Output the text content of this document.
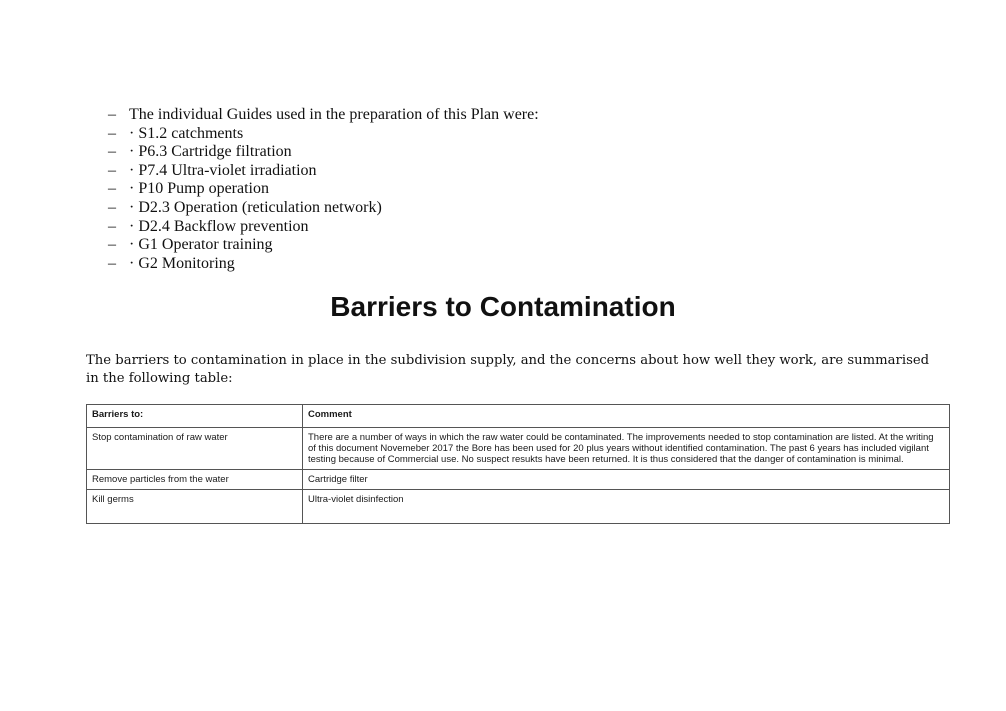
– The individual Guides used in the preparation of this Plan were:
– · S1.2 catchments
– · P6.3 Cartridge filtration
– · P7.4 Ultra-violet irradiation
– · P10 Pump operation
– · D2.3 Operation (reticulation network)
– · D2.4 Backflow prevention
– · G1 Operator training
– · G2 Monitoring
Barriers to Contamination

The barriers to contamination in place in the subdivision supply, and the concerns about how well they work, are summarised in the following table:

Barriers to:	Comment
Stop contamination of raw water	There are a number of ways in which the raw water could be contaminated. The improvements needed to stop contamination are listed. At the writing of this document Novemeber 2017 the Bore has been used for 20 plus years without identified contamination. The past 6 years has included vigilant testing because of Commercial use. No suspect resukts have been returned. It is thus considered that the danger of contamination is minimal.
Remove particles from the water	Cartridge filter
Kill germs	Ultra-violet disinfection
